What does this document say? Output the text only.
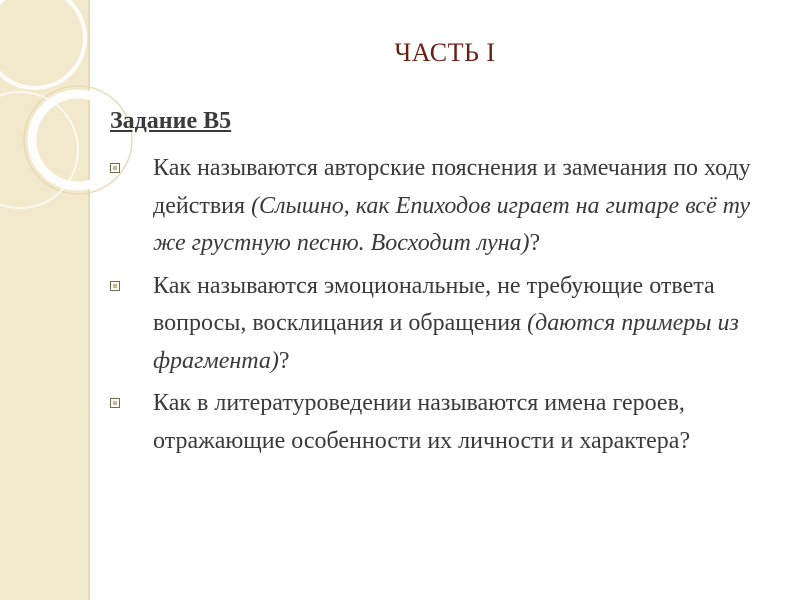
ЧАСТЬ I
Задание В5
Как называются авторские пояснения и замечания по ходу действия (Слышно, как Епиходов играет на гитаре всё ту же грустную песню. Восходит луна)?
Как называются эмоциональные, не требующие ответа вопросы, восклицания и обращения (даются примеры из фрагмента)?
Как в литературоведении называются имена героев, отражающие особенности их личности и характера?
